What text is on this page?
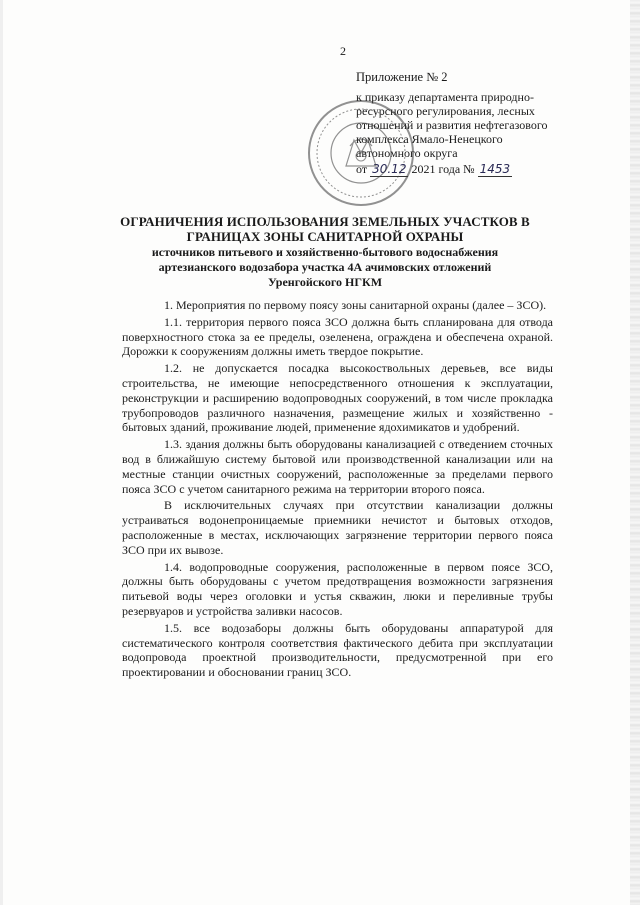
2
Приложение № 2
к приказу департамента природно-
ресурсного регулирования, лесных
отношений и развития нефтегазового
комплекса Ямало-Ненецкого
автономного округа
от 30.12 2021 года № 1453
ОГРАНИЧЕНИЯ ИСПОЛЬЗОВАНИЯ ЗЕМЕЛЬНЫХ УЧАСТКОВ В
ГРАНИЦАХ ЗОНЫ САНИТАРНОЙ ОХРАНЫ
источников питьевого и хозяйственно-бытового водоснабжения
артезианского водозабора участка 4А ачимовских отложений
Уренгойского НГКМ

1. Мероприятия по первому поясу зоны санитарной охраны (далее – ЗСО).

1.1. территория первого пояса ЗСО должна быть спланирована для отвода поверхностного стока за ее пределы, озеленена, ограждена и обеспечена охраной. Дорожки к сооружениям должны иметь твердое покрытие.

1.2. не допускается посадка высокоствольных деревьев, все виды строительства, не имеющие непосредственного отношения к эксплуатации, реконструкции и расширению водопроводных сооружений, в том числе прокладка трубопроводов различного назначения, размещение жилых и хозяйственно - бытовых зданий, проживание людей, применение ядохимикатов и удобрений.

1.3. здания должны быть оборудованы канализацией с отведением сточных вод в ближайшую систему бытовой или производственной канализации или на местные станции очистных сооружений, расположенные за пределами первого пояса ЗСО с учетом санитарного режима на территории второго пояса.

В исключительных случаях при отсутствии канализации должны устраиваться водонепроницаемые приемники нечистот и бытовых отходов, расположенные в местах, исключающих загрязнение территории первого пояса ЗСО при их вывозе.

1.4. водопроводные сооружения, расположенные в первом поясе ЗСО, должны быть оборудованы с учетом предотвращения возможности загрязнения питьевой воды через оголовки и устья скважин, люки и переливные трубы резервуаров и устройства заливки насосов.

1.5. все водозаборы должны быть оборудованы аппаратурой для систематического контроля соответствия фактического дебита при эксплуатации водопровода проектной производительности, предусмотренной при его проектировании и обосновании границ ЗСО.
